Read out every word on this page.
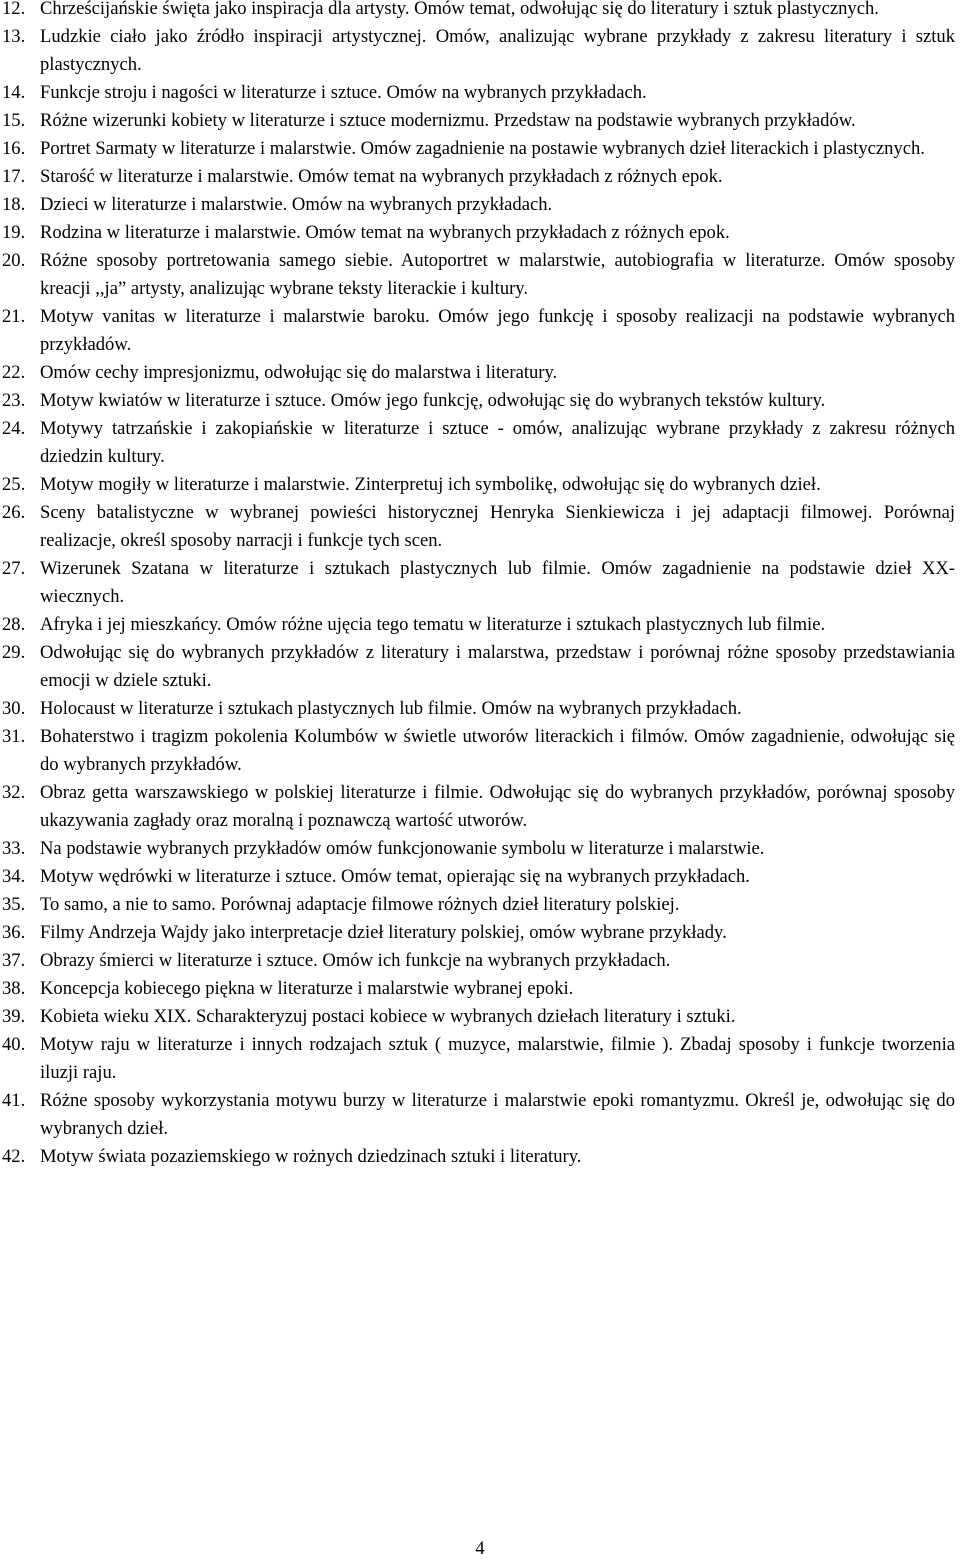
12. Chrześcijańskie święta jako inspiracja dla artysty. Omów temat, odwołując się do literatury i sztuk plastycznych.
13. Ludzkie ciało jako źródło inspiracji artystycznej. Omów, analizując wybrane przykłady z zakresu literatury i sztuk plastycznych.
14. Funkcje stroju i nagości w literaturze i sztuce. Omów na wybranych przykładach.
15. Różne wizerunki kobiety w literaturze i sztuce modernizmu. Przedstaw na podstawie wybranych przykładów.
16. Portret Sarmaty w literaturze i malarstwie. Omów zagadnienie na postawie wybranych dzieł literackich i plastycznych.
17. Starość w literaturze i malarstwie. Omów temat na wybranych przykładach z różnych epok.
18. Dzieci w literaturze i malarstwie. Omów na wybranych przykładach.
19. Rodzina w literaturze i malarstwie. Omów temat na wybranych przykładach z różnych epok.
20. Różne sposoby portretowania samego siebie. Autoportret w malarstwie, autobiografia w literaturze. Omów sposoby kreacji ,,ja” artysty, analizując wybrane teksty literackie i kultury.
21. Motyw vanitas w literaturze i malarstwie baroku. Omów jego funkcję i sposoby realizacji na podstawie wybranych przykładów.
22. Omów cechy impresjonizmu, odwołując się do malarstwa i literatury.
23. Motyw kwiatów w literaturze i sztuce. Omów jego funkcję, odwołując się do wybranych tekstów kultury.
24. Motywy tatrzańskie i zakopiańskie w literaturze i sztuce - omów, analizując wybrane przykłady z zakresu różnych dziedzin kultury.
25. Motyw mogiły w literaturze i malarstwie. Zinterpretuj ich symbolikę, odwołując się do wybranych dzieł.
26. Sceny batalistyczne w wybranej powieści historycznej Henryka Sienkiewicza i jej adaptacji filmowej. Porównaj realizacje, określ sposoby narracji i funkcje tych scen.
27. Wizerunek Szatana w literaturze i sztukach plastycznych lub filmie. Omów zagadnienie na podstawie dzieł XX- wiecznych.
28. Afryka i jej mieszkańcy. Omów różne ujęcia tego tematu w literaturze i sztukach plastycznych lub filmie.
29. Odwołując się do wybranych przykładów z literatury i malarstwa, przedstaw i porównaj różne sposoby przedstawiania emocji w dziele sztuki.
30. Holocaust w literaturze i sztukach plastycznych lub filmie. Omów na wybranych przykładach.
31. Bohaterstwo i tragizm pokolenia Kolumbów w świetle utworów literackich i filmów. Omów zagadnienie, odwołując się do wybranych przykładów.
32. Obraz getta warszawskiego w polskiej literaturze i filmie. Odwołując się do wybranych przykładów, porównaj sposoby ukazywania zagłady oraz moralną i poznawczą wartość utworów.
33. Na podstawie wybranych przykładów omów funkcjonowanie symbolu w literaturze i malarstwie.
34. Motyw wędrówki w literaturze i sztuce. Omów temat, opierając się na wybranych przykładach.
35. To samo, a nie to samo. Porównaj adaptacje filmowe różnych dzieł literatury polskiej.
36. Filmy Andrzeja Wajdy jako interpretacje dzieł literatury polskiej, omów wybrane przykłady.
37. Obrazy śmierci w literaturze i sztuce. Omów ich funkcje na wybranych przykładach.
38. Koncepcja kobiecego piękna w literaturze i malarstwie wybranej epoki.
39. Kobieta wieku XIX. Scharakteryzuj postaci kobiece w wybranych dziełach literatury i sztuki.
40. Motyw raju w literaturze i innych rodzajach sztuk ( muzyce, malarstwie, filmie ). Zbadaj sposoby i funkcje tworzenia iluzji raju.
41. Różne sposoby wykorzystania motywu burzy w literaturze i malarstwie epoki romantyzmu. Określ je, odwołując się do wybranych dzieł.
42. Motyw świata pozaziemskiego w rożnych dziedzinach sztuki i literatury.
4
